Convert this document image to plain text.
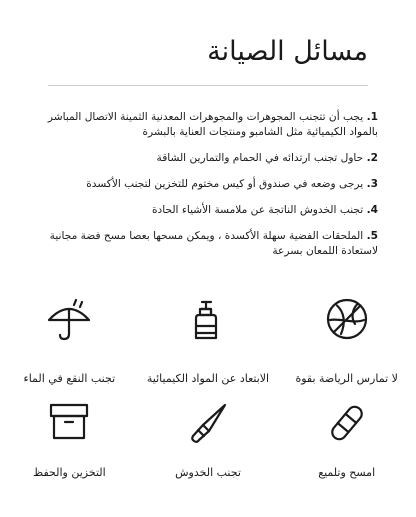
مسائل الصيانة

1. يجب أن تتجنب المجوهرات والمجوهرات المعدنية الثمينة الاتصال المباشر بالمواد الكيميائية مثل الشامبو ومنتجات العناية بالبشرة

2. حاول تجنب ارتدائه في الحمام والتمارين الشاقة

3. يرجى وضعه في صندوق أو كيس مختوم للتخزين لتجنب الأكسدة

4. تجنب الخدوش الناتجة عن ملامسة الأشياء الحادة

5. الملحقات الفضية سهلة الأكسدة ، ويمكن مسحها بعصا مسح فضة مجانية لاستعادة اللمعان بسرعة

لا تمارس الرياضة بقوة
الابتعاد عن المواد الكيميائية
تجنب النقع في الماء
امسح وتلميع
تجنب الخدوش
التخزين والحفظ
